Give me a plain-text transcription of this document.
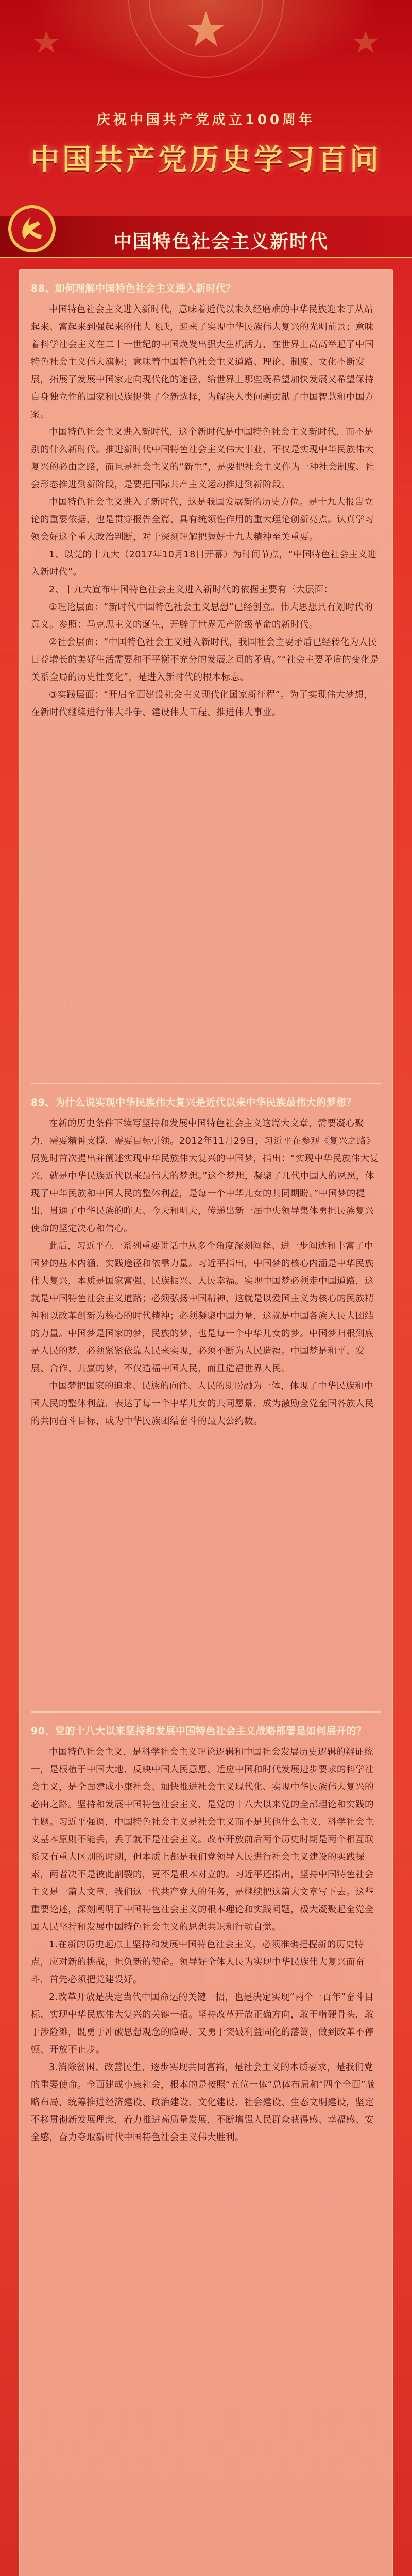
庆祝中国共产党成立100周年
中国共产党历史学习百问
中国特色社会主义新时代

88、如何理解中国特色社会主义进入新时代？

中国特色社会主义进入新时代，意味着近代以来久经磨难的中华民族迎来了从站起来、富起来到强起来的伟大飞跃，迎来了实现中华民族伟大复兴的光明前景；意味着科学社会主义在二十一世纪的中国焕发出强大生机活力，在世界上高高举起了中国特色社会主义伟大旗帜；意味着中国特色社会主义道路、理论、制度、文化不断发展，拓展了发展中国家走向现代化的途径，给世界上那些既希望加快发展又希望保持自身独立性的国家和民族提供了全新选择，为解决人类问题贡献了中国智慧和中国方案。

中国特色社会主义进入新时代，这个新时代是中国特色社会主义新时代，而不是别的什么新时代。推进新时代中国特色社会主义伟大事业，不仅是实现中华民族伟大复兴的必由之路，而且是社会主义的“新生”，是要把社会主义作为一种社会制度、社会形态推进到新阶段，是要把国际共产主义运动推进到新阶段。

中国特色社会主义进入了新时代，这是我国发展新的历史方位。是十九大报告立论的重要依据，也是贯穿报告全篇、具有统领性作用的重大理论创新亮点。认真学习领会好这个重大政治判断，对于深刻理解把握好十九大精神至关重要。

1、以党的十九大（2017年10月18日开幕）为时间节点，“中国特色社会主义进入新时代”。

2、十九大宣布中国特色社会主义进入新时代的依据主要有三大层面：

①理论层面：“新时代中国特色社会主义思想”已经创立。伟大思想具有划时代的意义。参照：马克思主义的诞生，开辟了世界无产阶级革命的新时代。

②社会层面：“中国特色社会主义进入新时代，我国社会主要矛盾已经转化为人民日益增长的美好生活需要和不平衡不充分的发展之间的矛盾。”“社会主要矛盾的变化是关系全局的历史性变化”，是进入新时代的根本标志。

③实践层面：“开启全面建设社会主义现代化国家新征程”。为了实现伟大梦想，在新时代继续进行伟大斗争、建设伟大工程、推进伟大事业。

89、为什么说实现中华民族伟大复兴是近代以来中华民族最伟大的梦想？

在新的历史条件下续写坚持和发展中国特色社会主义这篇大文章，需要凝心聚力，需要精神支撑，需要目标引领。2012年11月29日，习近平在参观《复兴之路》展览时首次提出并阐述实现中华民族伟大复兴的中国梦，指出：“实现中华民族伟大复兴，就是中华民族近代以来最伟大的梦想。”这个梦想，凝聚了几代中国人的夙愿，体现了中华民族和中国人民的整体利益，是每一个中华儿女的共同期盼。”中国梦的提出，贯通了中华民族的昨天、今天和明天，传递出新一届中央领导集体勇担民族复兴使命的坚定决心和信心。

此后，习近平在一系列重要讲话中从多个角度深刻阐释、进一步阐述和丰富了中国梦的基本内涵、实践途径和依靠力量。习近平指出，中国梦的核心内涵是中华民族伟大复兴，本质是国家富强、民族振兴、人民幸福。实现中国梦必须走中国道路，这就是中国特色社会主义道路；必须弘扬中国精神，这就是以爱国主义为核心的民族精神和以改革创新为核心的时代精神；必须凝聚中国力量，这就是中国各族人民大团结的力量。中国梦是国家的梦，民族的梦，也是每一个中华儿女的梦。中国梦归根到底是人民的梦，必须紧紧依靠人民来实现，必须不断为人民造福。中国梦是和平、发展、合作、共赢的梦，不仅造福中国人民，而且造福世界人民。

中国梦把国家的追求、民族的向往、人民的期盼融为一体，体现了中华民族和中国人民的整体利益，表达了每一个中华儿女的共同愿景，成为激励全党全国各族人民的共同奋斗目标，成为中华民族团结奋斗的最大公约数。

90、党的十八大以来坚持和发展中国特色社会主义战略部署是如何展开的？

中国特色社会主义，是科学社会主义理论逻辑和中国社会发展历史逻辑的辩证统一，是根植于中国大地、反映中国人民意愿、适应中国和时代发展进步要求的科学社会主义，是全面建成小康社会、加快推进社会主义现代化、实现中华民族伟大复兴的必由之路。坚持和发展中国特色社会主义，是党的十八大以来党的全部理论和实践的主题。习近平强调，中国特色社会主义是社会主义而不是其他什么主义，科学社会主义基本原则不能丢，丢了就不是社会主义。改革开放前后两个历史时期是两个相互联系又有重大区别的时期，但本质上都是我们党领导人民进行社会主义建设的实践探索，两者决不是彼此割裂的，更不是根本对立的。习近平还指出，坚持中国特色社会主义是一篇大文章，我们这一代共产党人的任务，是继续把这篇大文章写下去。这些重要论述，深刻阐明了中国特色社会主义的根本理论和实践问题，极大凝聚起全党全国人民坚持和发展中国特色社会主义的思想共识和行动自觉。

1.在新的历史起点上坚持和发展中国特色社会主义，必须准确把握新的历史特点，应对新的挑战，担负新的使命。领导好全体人民为实现中华民族伟大复兴而奋斗，首先必须把党建设好。

2.改革开放是决定当代中国命运的关键一招，也是决定实现“两个一百年”奋斗目标、实现中华民族伟大复兴的关键一招。坚持改革开放正确方向，敢于啃硬骨头，敢于涉险滩，既勇于冲破思想观念的障碍，又勇于突破利益固化的藩篱，做到改革不停顿、开放不止步。

3.消除贫困、改善民生、逐步实现共同富裕，是社会主义的本质要求，是我们党的重要使命。全面建成小康社会，根本的是按照“五位一体”总体布局和“四个全面”战略布局，统筹推进经济建设、政治建设、文化建设、社会建设、生态文明建设，坚定不移贯彻新发展理念，着力推进高质量发展，不断增强人民群众获得感、幸福感、安全感，奋力夺取新时代中国特色社会主义伟大胜利。
